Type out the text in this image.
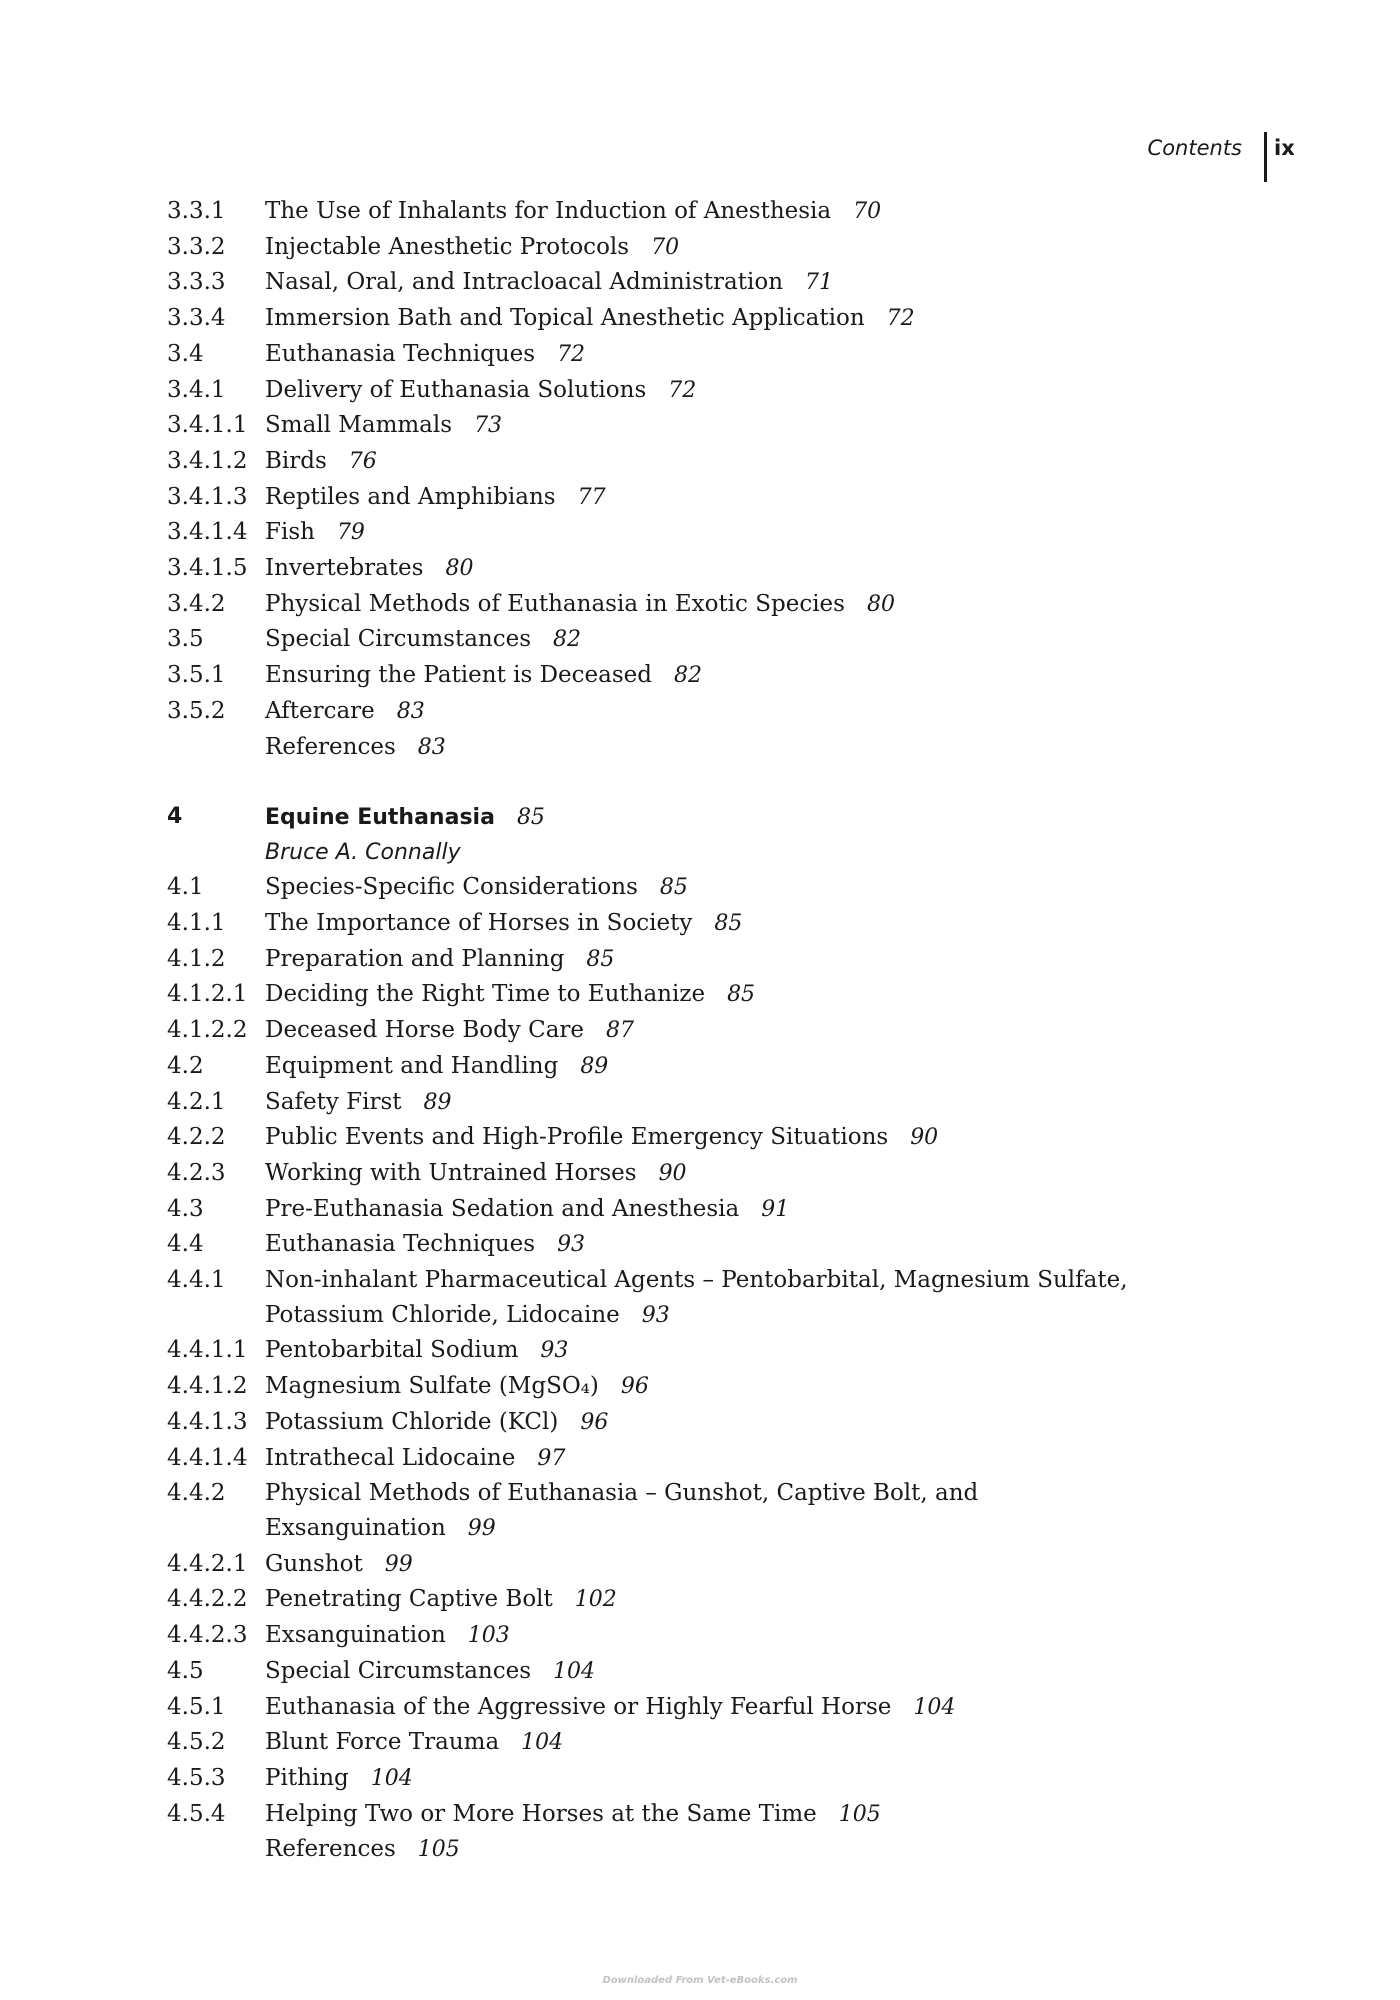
Contents ix
3.3.1	The Use of Inhalants for Induction of Anesthesia 70
3.3.2	Injectable Anesthetic Protocols 70
3.3.3	Nasal, Oral, and Intracloacal Administration 71
3.3.4	Immersion Bath and Topical Anesthetic Application 72
3.4	Euthanasia Techniques 72
3.4.1	Delivery of Euthanasia Solutions 72
3.4.1.1 Small Mammals 73
3.4.1.2 Birds 76
3.4.1.3 Reptiles and Amphibians 77
3.4.1.4 Fish 79
3.4.1.5 Invertebrates 80
3.4.2	Physical Methods of Euthanasia in Exotic Species 80
3.5	Special Circumstances 82
3.5.1	Ensuring the Patient is Deceased 82
3.5.2	Aftercare 83
References 83
4	Equine Euthanasia 85
Bruce A. Connally
4.1	Species-Specific Considerations 85
4.1.1	The Importance of Horses in Society 85
4.1.2	Preparation and Planning 85
4.1.2.1 Deciding the Right Time to Euthanize 85
4.1.2.2 Deceased Horse Body Care 87
4.2	Equipment and Handling 89
4.2.1	Safety First 89
4.2.2	Public Events and High-Profile Emergency Situations 90
4.2.3	Working with Untrained Horses 90
4.3	Pre-Euthanasia Sedation and Anesthesia 91
4.4	Euthanasia Techniques 93
4.4.1	Non-inhalant Pharmaceutical Agents – Pentobarbital, Magnesium Sulfate, Potassium Chloride, Lidocaine 93
4.4.1.1 Pentobarbital Sodium 93
4.4.1.2 Magnesium Sulfate (MgSO₄) 96
4.4.1.3 Potassium Chloride (KCl) 96
4.4.1.4 Intrathecal Lidocaine 97
4.4.2	Physical Methods of Euthanasia – Gunshot, Captive Bolt, and Exsanguination 99
4.4.2.1 Gunshot 99
4.4.2.2 Penetrating Captive Bolt 102
4.4.2.3 Exsanguination 103
4.5	Special Circumstances 104
4.5.1	Euthanasia of the Aggressive or Highly Fearful Horse 104
4.5.2	Blunt Force Trauma 104
4.5.3	Pithing 104
4.5.4	Helping Two or More Horses at the Same Time 105
References 105
Downloaded From Vet-eBooks.com
